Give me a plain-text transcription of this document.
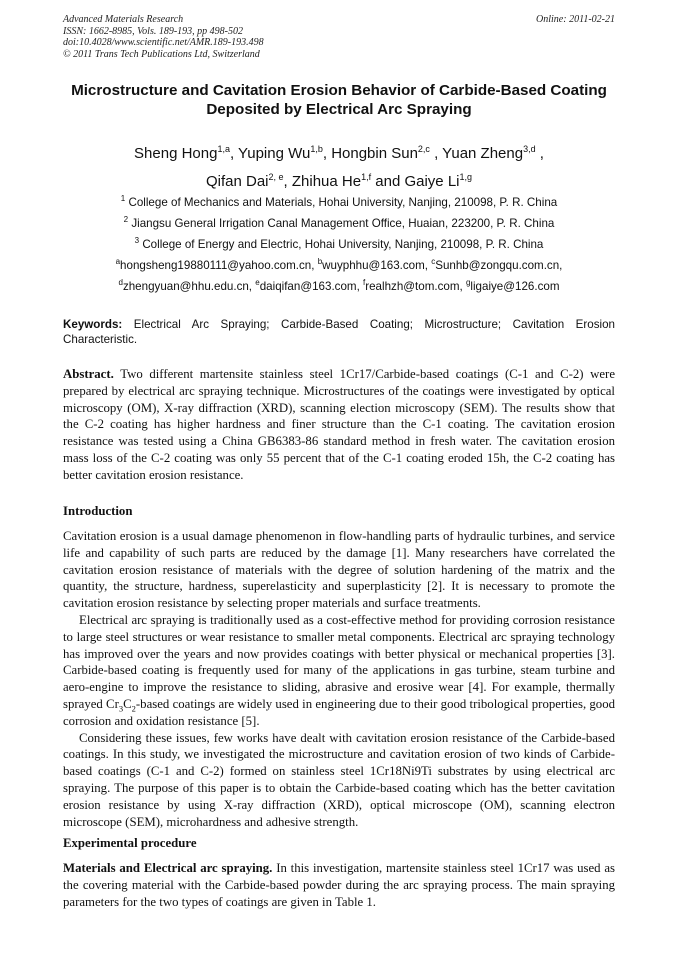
Advanced Materials Research
ISSN: 1662-8985, Vols. 189-193, pp 498-502
doi:10.4028/www.scientific.net/AMR.189-193.498
© 2011 Trans Tech Publications Ltd, Switzerland
Online: 2011-02-21
Microstructure and Cavitation Erosion Behavior of Carbide-Based Coating Deposited by Electrical Arc Spraying
Sheng Hong$^{1,a}$, Yuping Wu$^{1,b}$, Hongbin Sun$^{2,c}$ , Yuan Zheng$^{3,d}$ ,
Qifan Dai$^{2, e}$, Zhihua He$^{1,f}$ and Gaiye Li$^{1,g}$
$^1$ College of Mechanics and Materials, Hohai University, Nanjing, 210098, P. R. China
$^2$ Jiangsu General Irrigation Canal Management Office, Huaian, 223200, P. R. China
$^3$ College of Energy and Electric, Hohai University, Nanjing, 210098, P. R. China
$^a$hongsheng19880111@yahoo.com.cn, $^b$wuyphhu@163.com, $^c$Sunhb@zongqu.com.cn,
$^d$zhengyuan@hhu.edu.cn, $^e$daiqifan@163.com, $^f$realhzh@tom.com, $^g$ligaiye@126.com
Keywords: Electrical Arc Spraying; Carbide-Based Coating; Microstructure; Cavitation Erosion Characteristic.

Abstract. Two different martensite stainless steel 1Cr17/Carbide-based coatings (C-1 and C-2) were prepared by electrical arc spraying technique. Microstructures of the coatings were investigated by optical microscopy (OM), X-ray diffraction (XRD), scanning election microscopy (SEM). The results show that the C-2 coating has higher hardness and finer structure than the C-1 coating. The cavitation erosion resistance was tested using a China GB6383-86 standard method in fresh water. The cavitation erosion mass loss of the C-2 coating was only 55 percent that of the C-1 coating eroded 15h, the C-2 coating has better cavitation erosion resistance.

Introduction

Cavitation erosion is a usual damage phenomenon in flow-handling parts of hydraulic turbines, and service life and capability of such parts are reduced by the damage [1]. Many researchers have correlated the cavitation erosion resistance of materials with the degree of solution hardening of the matrix and the quantity, the structure, hardness, superelasticity and superplasticity [2]. It is necessary to promote the cavitation erosion resistance by selecting proper materials and surface treatments.

Electrical arc spraying is traditionally used as a cost-effective method for providing corrosion resistance to large steel structures or wear resistance to smaller metal components. Electrical arc spraying technology has improved over the years and now provides coatings with better physical or mechanical properties [3]. Carbide-based coating is frequently used for many of the applications in gas turbine, steam turbine and aero-engine to improve the resistance to sliding, abrasive and erosive wear [4]. For example, thermally sprayed $Cr_3C_2$-based coatings are widely used in engineering due to their good tribological properties, good corrosion and oxidation resistance [5].

Considering these issues, few works have dealt with cavitation erosion resistance of the Carbide-based coatings. In this study, we investigated the microstructure and cavitation erosion of two kinds of Carbide-based coatings (C-1 and C-2) formed on stainless steel 1Cr18Ni9Ti substrates by using electrical arc spraying. The purpose of this paper is to obtain the Carbide-based coating which has the better cavitation erosion resistance by using X-ray diffraction (XRD), optical microscope (OM), scanning electron microscope (SEM), microhardness and adhesive strength.

Experimental procedure

Materials and Electrical arc spraying. In this investigation, martensite stainless steel 1Cr17 was used as the covering material with the Carbide-based powder during the arc spraying process. The main spraying parameters for the two types of coatings are given in Table 1.
